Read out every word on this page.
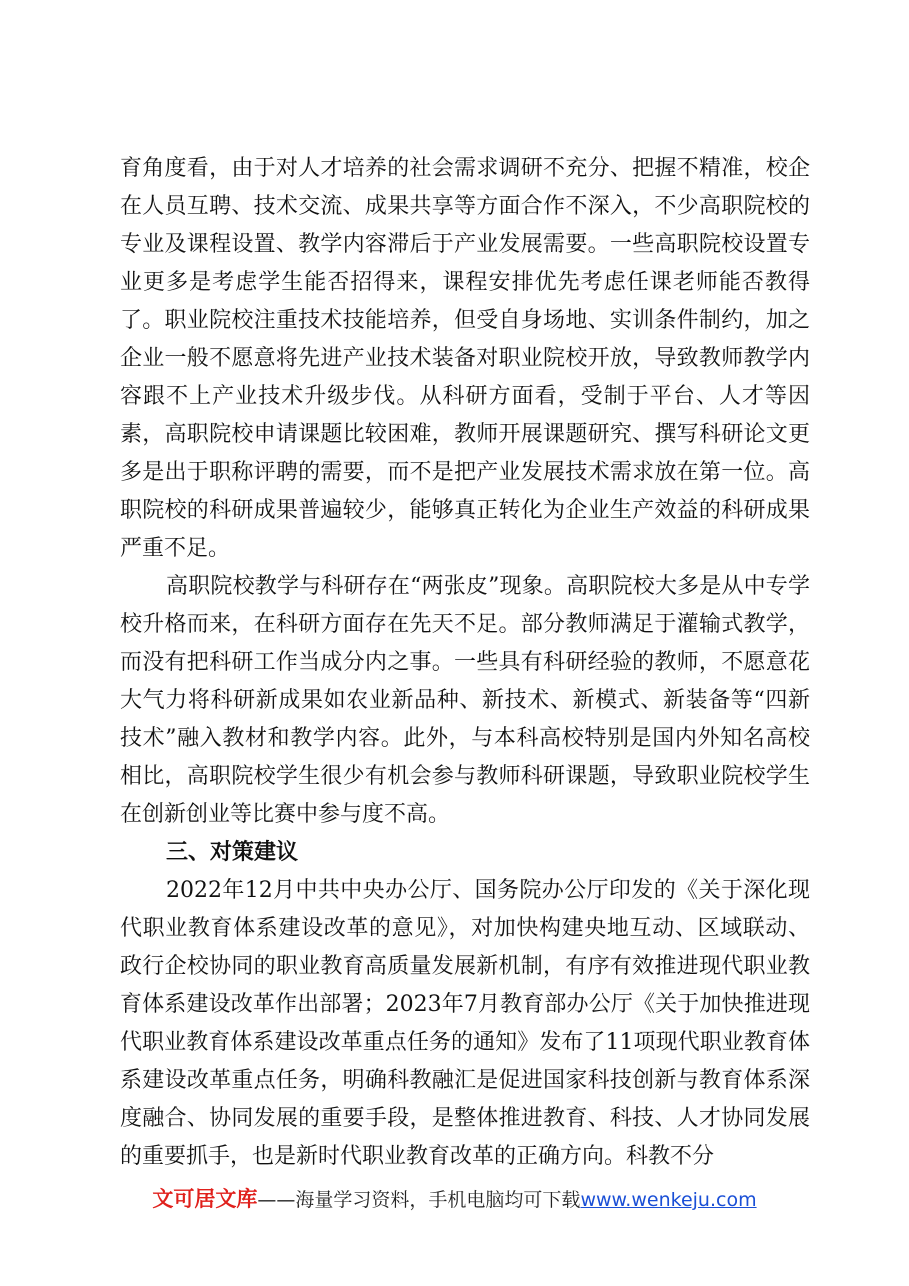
育角度看，由于对人才培养的社会需求调研不充分、把握不精准，校企在人员互聘、技术交流、成果共享等方面合作不深入，不少高职院校的专业及课程设置、教学内容滞后于产业发展需要。一些高职院校设置专业更多是考虑学生能否招得来，课程安排优先考虑任课老师能否教得了。职业院校注重技术技能培养，但受自身场地、实训条件制约，加之企业一般不愿意将先进产业技术装备对职业院校开放，导致教师教学内容跟不上产业技术升级步伐。从科研方面看，受制于平台、人才等因素，高职院校申请课题比较困难，教师开展课题研究、撰写科研论文更多是出于职称评聘的需要，而不是把产业发展技术需求放在第一位。高职院校的科研成果普遍较少，能够真正转化为企业生产效益的科研成果严重不足。

高职院校教学与科研存在“两张皮”现象。高职院校大多是从中专学校升格而来，在科研方面存在先天不足。部分教师满足于灌输式教学，而没有把科研工作当成分内之事。一些具有科研经验的教师，不愿意花大气力将科研新成果如农业新品种、新技术、新模式、新装备等“四新技术”融入教材和教学内容。此外，与本科高校特别是国内外知名高校相比，高职院校学生很少有机会参与教师科研课题，导致职业院校学生在创新创业等比赛中参与度不高。

三、对策建议

2022年12月中共中央办公厅、国务院办公厅印发的《关于深化现代职业教育体系建设改革的意见》，对加快构建央地互动、区域联动、政行企校协同的职业教育高质量发展新机制，有序有效推进现代职业教育体系建设改革作出部署；2023年7月教育部办公厅《关于加快推进现代职业教育体系建设改革重点任务的通知》发布了11项现代职业教育体系建设改革重点任务，明确科教融汇是促进国家科技创新与教育体系深度融合、协同发展的重要手段，是整体推进教育、科技、人才协同发展的重要抓手，也是新时代职业教育改革的正确方向。科教不分

文可居文库——海量学习资料，手机电脑均可下载www.wenkeju.com
